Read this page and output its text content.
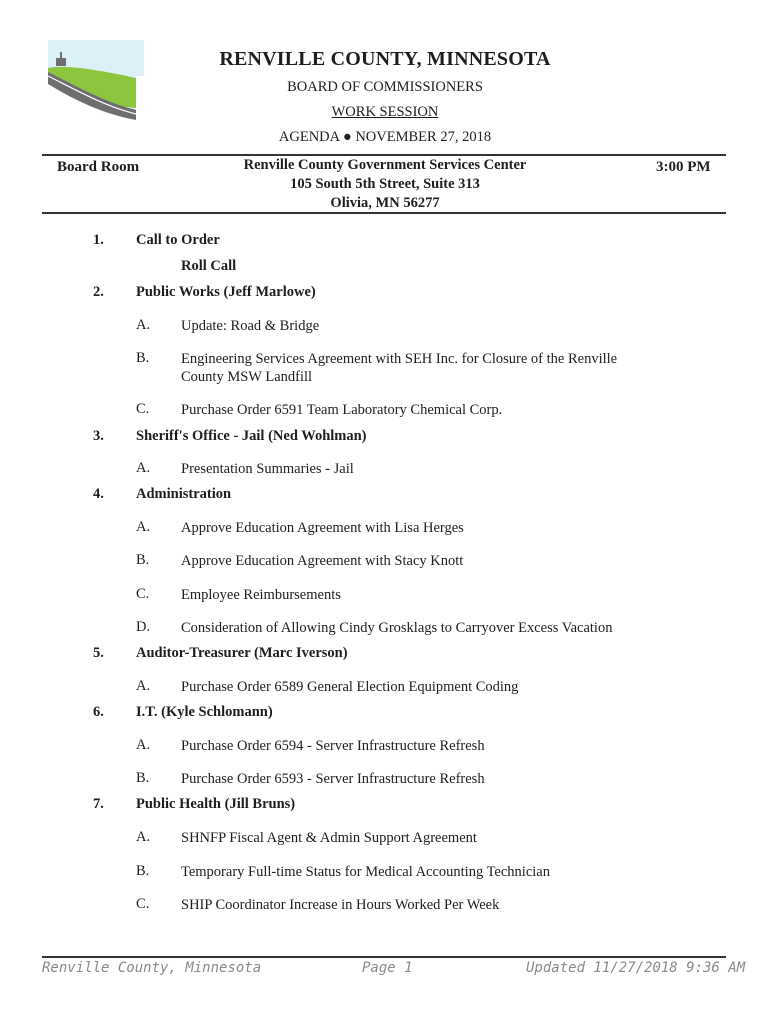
RENVILLE COUNTY, MINNESOTA
BOARD OF COMMISSIONERS
WORK SESSION
AGENDA ● NOVEMBER 27, 2018
Board Room	Renville County Government Services Center
105 South 5th Street, Suite 313
Olivia, MN 56277
3:00 PM
1. Call to Order
Roll Call
2. Public Works (Jeff Marlowe)
A. Update: Road & Bridge
B. Engineering Services Agreement with SEH Inc. for Closure of the Renville County MSW Landfill
C. Purchase Order 6591 Team Laboratory Chemical Corp.
3. Sheriff's Office - Jail (Ned Wohlman)
A. Presentation Summaries - Jail
4. Administration
A. Approve Education Agreement with Lisa Herges
B. Approve Education Agreement with Stacy Knott
C. Employee Reimbursements
D. Consideration of Allowing Cindy Grosklags to Carryover Excess Vacation
5. Auditor-Treasurer (Marc Iverson)
A. Purchase Order 6589 General Election Equipment Coding
6. I.T. (Kyle Schlomann)
A. Purchase Order 6594 - Server Infrastructure Refresh
B. Purchase Order 6593 - Server Infrastructure Refresh
7. Public Health (Jill Bruns)
A. SHNFP Fiscal Agent & Admin Support Agreement
B. Temporary Full-time Status for Medical Accounting Technician
C. SHIP Coordinator Increase in Hours Worked Per Week
Renville County, Minnesota	Page 1	Updated 11/27/2018 9:36 AM
